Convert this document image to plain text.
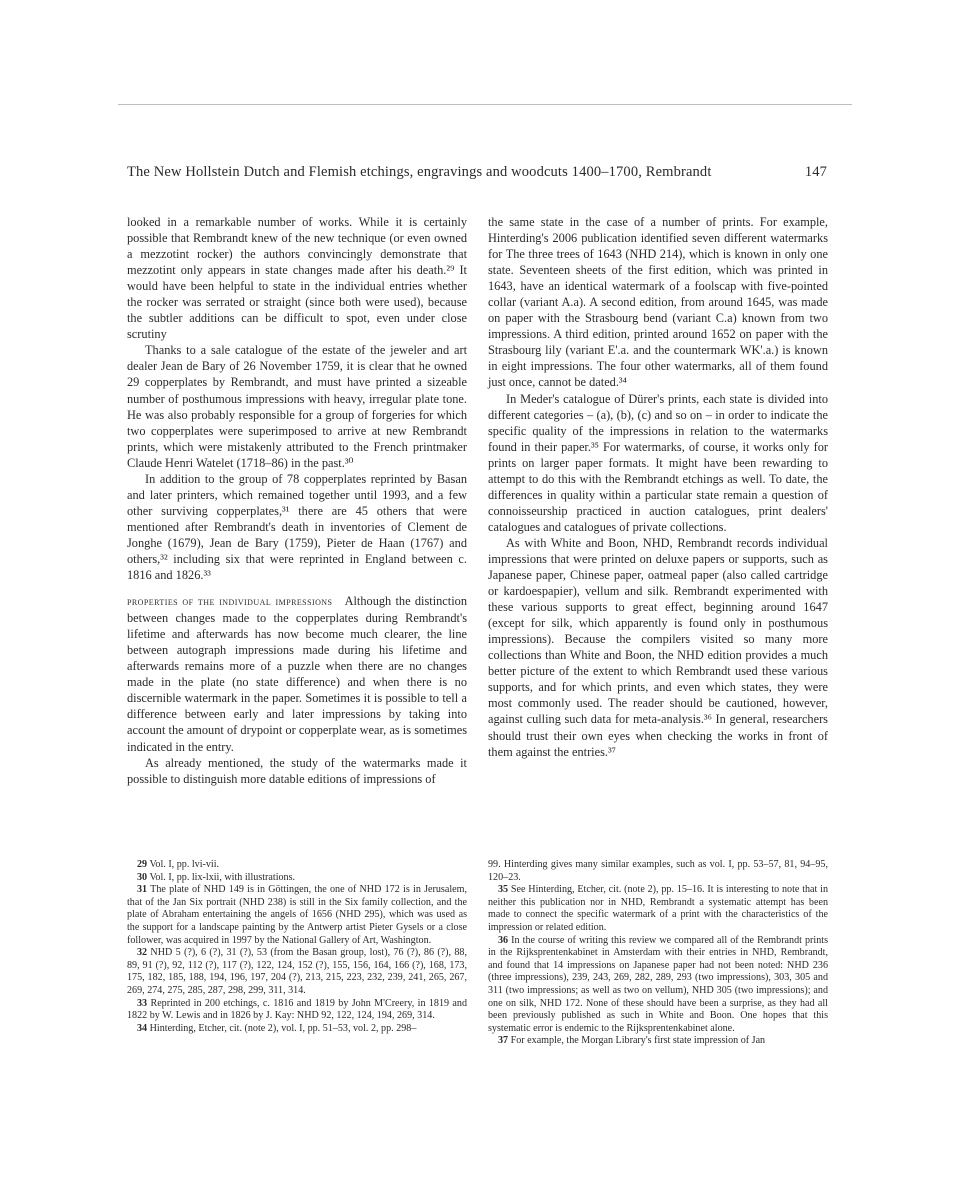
The New Hollstein Dutch and Flemish etchings, engravings and woodcuts 1400–1700, Rembrandt	147

looked in a remarkable number of works. While it is certainly possible that Rembrandt knew of the new technique (or even owned a mezzotint rocker) the authors convincingly demonstrate that mezzotint only appears in state changes made after his death.²⁹ It would have been helpful to state in the individual entries whether the rocker was serrated or straight (since both were used), because the subtler additions can be difficult to spot, even under close scrutiny

Thanks to a sale catalogue of the estate of the jeweler and art dealer Jean de Bary of 26 November 1759, it is clear that he owned 29 copperplates by Rembrandt, and must have printed a sizeable number of posthumous impressions with heavy, irregular plate tone. He was also probably responsible for a group of forgeries for which two copperplates were superimposed to arrive at new Rembrandt prints, which were mistakenly attributed to the French printmaker Claude Henri Watelet (1718–86) in the past.³⁰

In addition to the group of 78 copperplates reprinted by Basan and later printers, which remained together until 1993, and a few other surviving copperplates,³¹ there are 45 others that were mentioned after Rembrandt's death in inventories of Clement de Jonghe (1679), Jean de Bary (1759), Pieter de Haan (1767) and others,³² including six that were reprinted in England between c. 1816 and 1826.³³

properties of the individual impressions Although the distinction between changes made to the copperplates during Rembrandt's lifetime and afterwards has now become much clearer, the line between autograph impressions made during his lifetime and afterwards remains more of a puzzle when there are no changes made in the plate (no state difference) and when there is no discernible watermark in the paper. Sometimes it is possible to tell a difference between early and later impressions by taking into account the amount of drypoint or copperplate wear, as is sometimes indicated in the entry.

As already mentioned, the study of the watermarks made it possible to distinguish more datable editions of impressions of

the same state in the case of a number of prints. For example, Hinterding's 2006 publication identified seven different watermarks for The three trees of 1643 (NHD 214), which is known in only one state. Seventeen sheets of the first edition, which was printed in 1643, have an identical watermark of a foolscap with five-pointed collar (variant A.a). A second edition, from around 1645, was made on paper with the Strasbourg bend (variant C.a) known from two impressions. A third edition, printed around 1652 on paper with the Strasbourg lily (variant E'.a. and the countermark WK'.a.) is known in eight impressions. The four other watermarks, all of them found just once, cannot be dated.³⁴

In Meder's catalogue of Dürer's prints, each state is divided into different categories – (a), (b), (c) and so on – in order to indicate the specific quality of the impressions in relation to the watermarks found in their paper.³⁵ For watermarks, of course, it works only for prints on larger paper formats. It might have been rewarding to attempt to do this with the Rembrandt etchings as well. To date, the differences in quality within a particular state remain a question of connoisseurship practiced in auction catalogues, print dealers' catalogues and catalogues of private collections.

As with White and Boon, NHD, Rembrandt records individual impressions that were printed on deluxe papers or supports, such as Japanese paper, Chinese paper, oatmeal paper (also called cartridge or kardoespapier), vellum and silk. Rembrandt experimented with these various supports to great effect, beginning around 1647 (except for silk, which apparently is found only in posthumous impressions). Because the compilers visited so many more collections than White and Boon, the NHD edition provides a much better picture of the extent to which Rembrandt used these various supports, and for which prints, and even which states, they were most commonly used. The reader should be cautioned, however, against culling such data for meta-analysis.³⁶ In general, researchers should trust their own eyes when checking the works in front of them against the entries.³⁷

29 Vol. I, pp. lvi-vii.

30 Vol. I, pp. lix-lxii, with illustrations.

31 The plate of NHD 149 is in Göttingen, the one of NHD 172 is in Jerusalem, that of the Jan Six portrait (NHD 238) is still in the Six family collection, and the plate of Abraham entertaining the angels of 1656 (NHD 295), which was used as the support for a landscape painting by the Antwerp artist Pieter Gysels or a close follower, was acquired in 1997 by the National Gallery of Art, Washington.

32 NHD 5 (?), 6 (?), 31 (?), 53 (from the Basan group, lost), 76 (?), 86 (?), 88, 89, 91 (?), 92, 112 (?), 117 (?), 122, 124, 152 (?), 155, 156, 164, 166 (?), 168, 173, 175, 182, 185, 188, 194, 196, 197, 204 (?), 213, 215, 223, 232, 239, 241, 265, 267, 269, 274, 275, 285, 287, 298, 299, 311, 314.

33 Reprinted in 200 etchings, c. 1816 and 1819 by John M'Creery, in 1819 and 1822 by W. Lewis and in 1826 by J. Kay: NHD 92, 122, 124, 194, 269, 314.

34 Hinterding, Etcher, cit. (note 2), vol. I, pp. 51–53, vol. 2, pp. 298–

99. Hinterding gives many similar examples, such as vol. I, pp. 53–57, 81, 94–95, 120–23.

35 See Hinterding, Etcher, cit. (note 2), pp. 15–16. It is interesting to note that in neither this publication nor in NHD, Rembrandt a systematic attempt has been made to connect the specific watermark of a print with the characteristics of the impression or related edition.

36 In the course of writing this review we compared all of the Rembrandt prints in the Rijksprentenkabinet in Amsterdam with their entries in NHD, Rembrandt, and found that 14 impressions on Japanese paper had not been noted: NHD 236 (three impressions), 239, 243, 269, 282, 289, 293 (two impressions), 303, 305 and 311 (two impressions; as well as two on vellum), NHD 305 (two impressions); and one on silk, NHD 172. None of these should have been a surprise, as they had all been previously published as such in White and Boon. One hopes that this systematic error is endemic to the Rijksprentenkabinet alone.

37 For example, the Morgan Library's first state impression of Jan
